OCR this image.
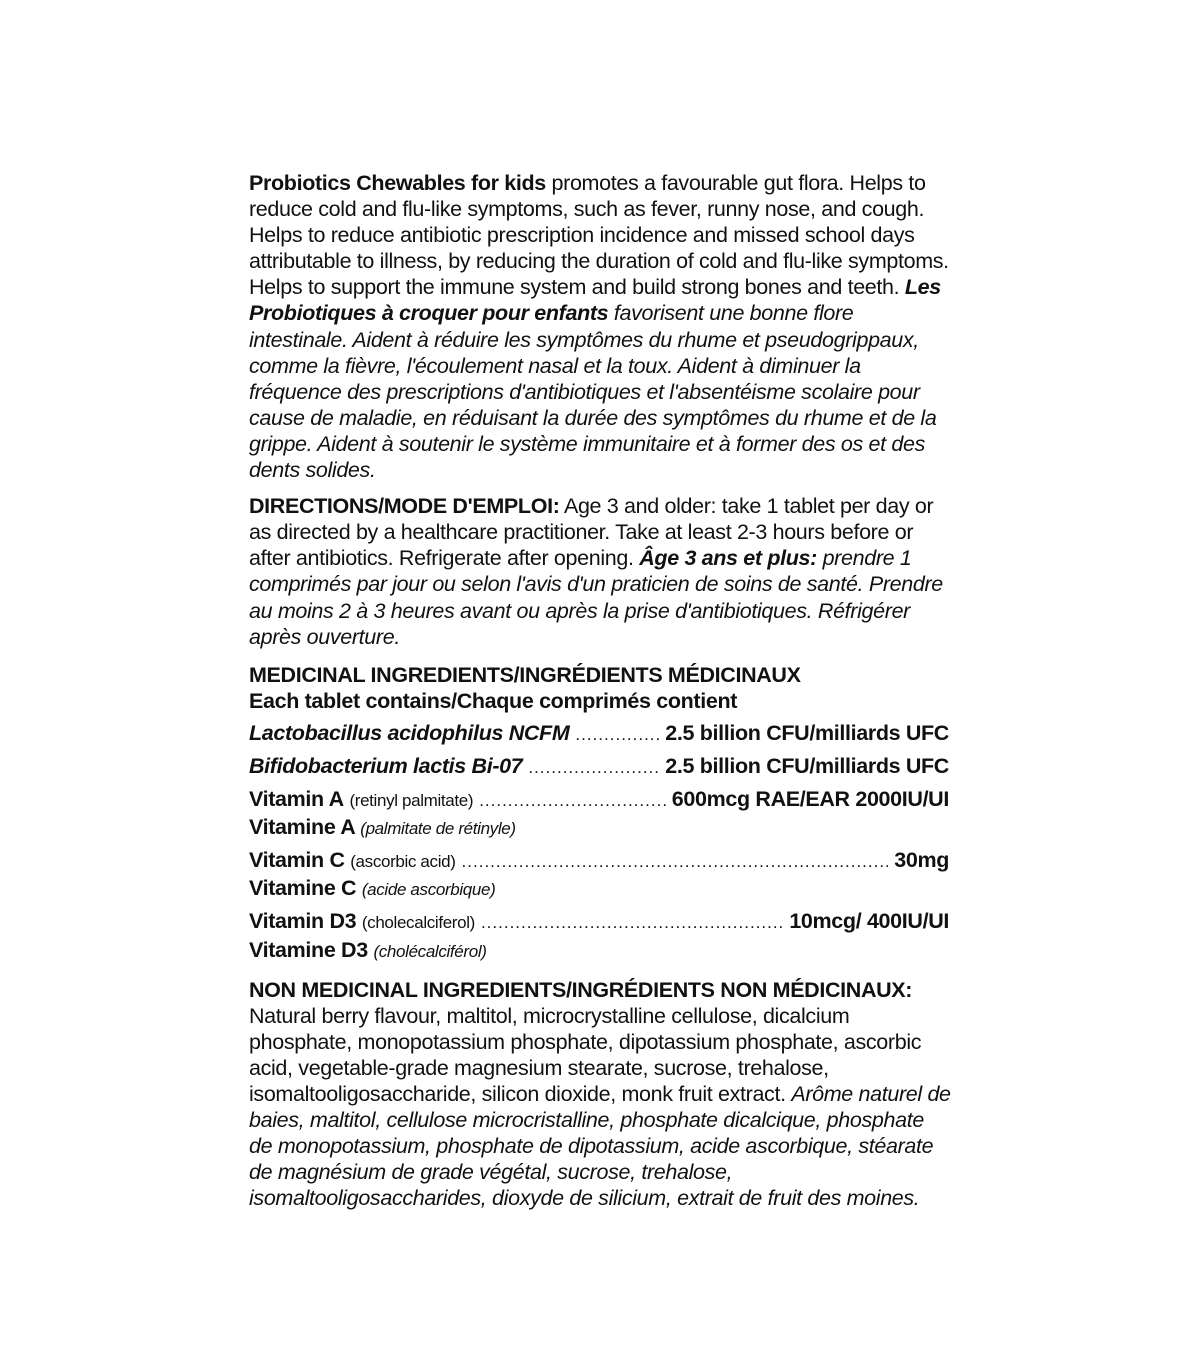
Probiotics Chewables for kids promotes a favourable gut flora. Helps to reduce cold and flu-like symptoms, such as fever, runny nose, and cough. Helps to reduce antibiotic prescription incidence and missed school days attributable to illness, by reducing the duration of cold and flu-like symptoms. Helps to support the immune system and build strong bones and teeth. Les Probiotiques à croquer pour enfants favorisent une bonne flore intestinale. Aident à réduire les symptômes du rhume et pseudogrippaux, comme la fièvre, l'écoulement nasal et la toux. Aident à diminuer la fréquence des prescriptions d'antibiotiques et l'absentéisme scolaire pour cause de maladie, en réduisant la durée des symptômes du rhume et de la grippe. Aident à soutenir le système immunitaire et à former des os et des dents solides.

DIRECTIONS/MODE D'EMPLOI: Age 3 and older: take 1 tablet per day or as directed by a healthcare practitioner. Take at least 2-3 hours before or after antibiotics. Refrigerate after opening. Âge 3 ans et plus: prendre 1 comprimés par jour ou selon l'avis d'un praticien de soins de santé. Prendre au moins 2 à 3 heures avant ou après la prise d'antibiotiques. Réfrigérer après ouverture.

MEDICINAL INGREDIENTS/INGRÉDIENTS MÉDICINAUX
Each tablet contains/Chaque comprimés contient
Lactobacillus acidophilus NCFM .....	2.5 billion CFU/milliards UFC
Bifidobacterium lactis Bi-07 .....	2.5 billion CFU/milliards UFC
Vitamin A (retinyl palmitate) .....	600mcg RAE/EAR 2000IU/UI
Vitamine A (palmitate de rétinyle)
Vitamin C (ascorbic acid) .....	30mg
Vitamine C (acide ascorbique)
Vitamin D3 (cholecalciferol) .....	10mcg/ 400IU/UI
Vitamine D3 (cholécalciférol)
NON MEDICINAL INGREDIENTS/INGRÉDIENTS NON MÉDICINAUX:

Natural berry flavour, maltitol, microcrystalline cellulose, dicalcium phosphate, monopotassium phosphate, dipotassium phosphate, ascorbic acid, vegetable-grade magnesium stearate, sucrose, trehalose, isomaltooligosaccharide, silicon dioxide, monk fruit extract. Arôme naturel de baies, maltitol, cellulose microcristalline, phosphate dicalcique, phosphate de monopotassium, phosphate de dipotassium, acide ascorbique, stéarate de magnésium de grade végétal, sucrose, trehalose, isomaltooligosaccharides, dioxyde de silicium, extrait de fruit des moines.
